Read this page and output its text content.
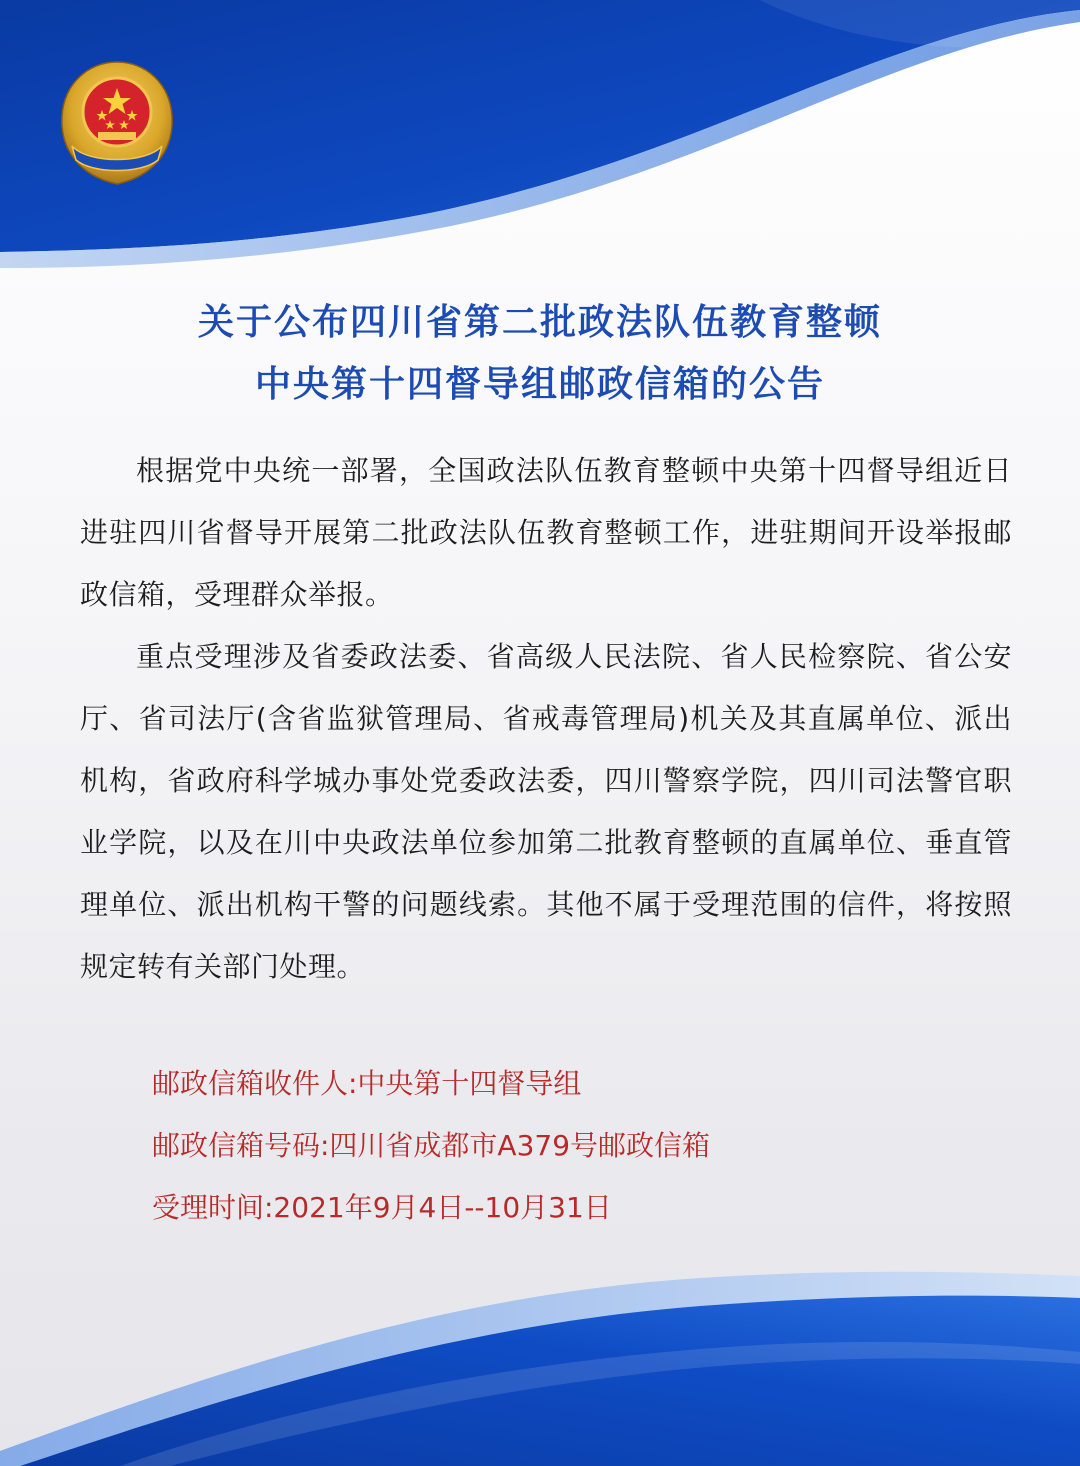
关于公布四川省第二批政法队伍教育整顿
中央第十四督导组邮政信箱的公告

根据党中央统一部署，全国政法队伍教育整顿中央第十四督导组近日进驻四川省督导开展第二批政法队伍教育整顿工作，进驻期间开设举报邮政信箱，受理群众举报。

重点受理涉及省委政法委、省高级人民法院、省人民检察院、省公安厅、省司法厅(含省监狱管理局、省戒毒管理局)机关及其直属单位、派出机构，省政府科学城办事处党委政法委，四川警察学院，四川司法警官职业学院，以及在川中央政法单位参加第二批教育整顿的直属单位、垂直管理单位、派出机构干警的问题线索。其他不属于受理范围的信件，将按照规定转有关部门处理。

邮政信箱收件人:中央第十四督导组
邮政信箱号码:四川省成都市A379号邮政信箱
受理时间:2021年9月4日--10月31日
